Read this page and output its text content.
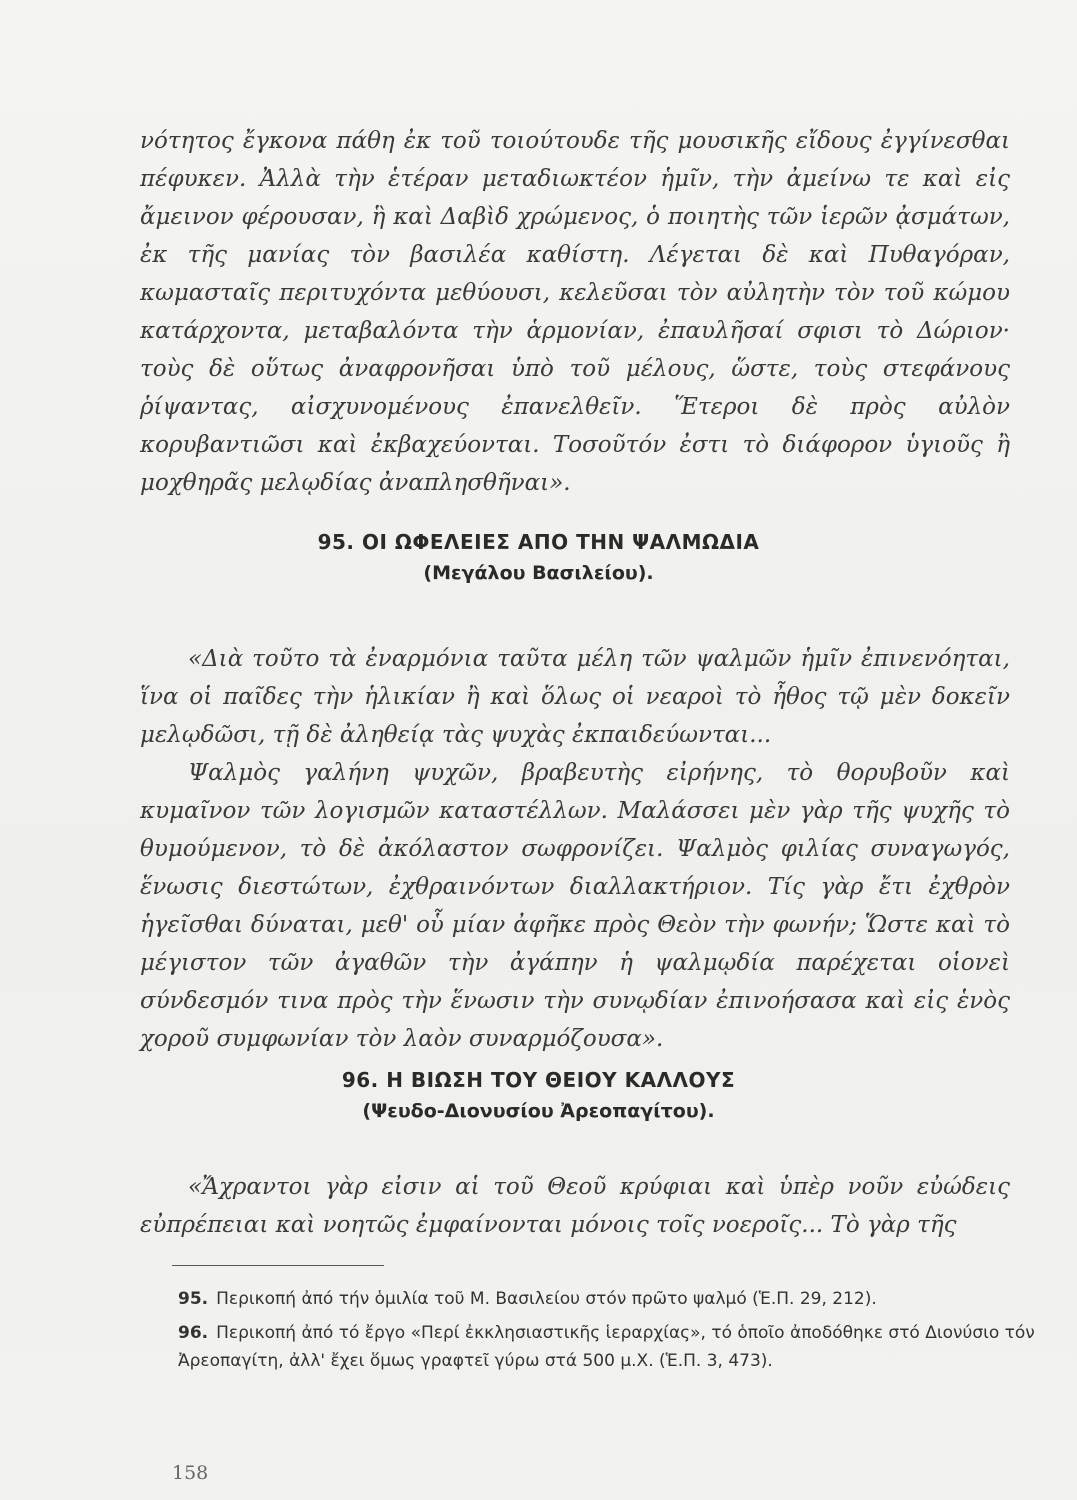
νότητος ἔγκονα πάθη ἐκ τοῦ τοιούτουδε τῆς μουσικῆς εἴδους ἐγγίνεσθαι πέφυκεν. Ἀλλὰ τὴν ἑτέραν μεταδιωκτέον ἡμῖν, τὴν ἀμείνω τε καὶ εἰς ἄμεινον φέρουσαν, ἣ καὶ Δαβὶδ χρώμενος, ὁ ποιητὴς τῶν ἱερῶν ᾀσμάτων, ἐκ τῆς μανίας τὸν βασιλέα καθίστη. Λέγεται δὲ καὶ Πυθαγόραν, κωμασταῖς περιτυχόντα μεθύουσι, κελεῦσαι τὸν αὐλητὴν τὸν τοῦ κώμου κατάρχοντα, μεταβαλόντα τὴν ἁρμονίαν, ἐπαυλῆσαί σφισι τὸ Δώριον· τοὺς δὲ οὕτως ἀναφρονῆσαι ὑπὸ τοῦ μέλους, ὥστε, τοὺς στεφάνους ῥίψαντας, αἰσχυνομένους ἐπανελθεῖν. Ἕτεροι δὲ πρὸς αὐλὸν κορυβαντιῶσι καὶ ἐκβαχεύονται. Τοσοῦτόν ἐστι τὸ διάφορον ὑγιοῦς ἢ μοχθηρᾶς μελῳδίας ἀναπλησθῆναι».

95. ΟΙ ΩΦΕΛΕΙΕΣ ΑΠΟ ΤΗΝ ΨΑΛΜΩΔΙΑ
(Μεγάλου Βασιλείου).

«Διὰ τοῦτο τὰ ἐναρμόνια ταῦτα μέλη τῶν ψαλμῶν ἡμῖν ἐπινενόηται, ἵνα οἱ παῖδες τὴν ἡλικίαν ἢ καὶ ὅλως οἱ νεαροὶ τὸ ἦθος τῷ μὲν δοκεῖν μελῳδῶσι, τῇ δὲ ἀληθείᾳ τὰς ψυχὰς ἐκπαιδεύωνται...

Ψαλμὸς γαλήνη ψυχῶν, βραβευτὴς εἰρήνης, τὸ θορυβοῦν καὶ κυμαῖνον τῶν λογισμῶν καταστέλλων. Μαλάσσει μὲν γὰρ τῆς ψυχῆς τὸ θυμούμενον, τὸ δὲ ἀκόλαστον σωφρονίζει. Ψαλμὸς φιλίας συναγωγός, ἕνωσις διεστώτων, ἐχθραινόντων διαλλακτήριον. Τίς γὰρ ἔτι ἐχθρὸν ἡγεῖσθαι δύναται, μεθ' οὗ μίαν ἀφῆκε πρὸς Θεὸν τὴν φωνήν; Ὥστε καὶ τὸ μέγιστον τῶν ἀγαθῶν τὴν ἀγάπην ἡ ψαλμῳδία παρέχεται οἱονεὶ σύνδεσμόν τινα πρὸς τὴν ἕνωσιν τὴν συνῳδίαν ἐπινοήσασα καὶ εἰς ἑνὸς χοροῦ συμφωνίαν τὸν λαὸν συναρμόζουσα».

96. Η ΒΙΩΣΗ ΤΟΥ ΘΕΙΟΥ ΚΑΛΛΟΥΣ
(Ψευδο-Διονυσίου Ἀρεοπαγίτου).

«Ἄχραντοι γὰρ εἰσιν αἱ τοῦ Θεοῦ κρύφιαι καὶ ὑπὲρ νοῦν εὐώδεις εὐπρέπειαι καὶ νοητῶς ἐμφαίνονται μόνοις τοῖς νοεροῖς... Τὸ γὰρ τῆς

95. Περικοπή ἀπό τήν ὁμιλία τοῦ Μ. Βασιλείου στόν πρῶτο ψαλμό (Ἑ.Π. 29, 212).

96. Περικοπή ἀπό τό ἔργο «Περί ἐκκλησιαστικῆς ἱεραρχίας», τό ὁποῖο ἀποδόθηκε στό Διονύσιο τόν Ἀρεοπαγίτη, ἀλλ' ἔχει ὅμως γραφτεῖ γύρω στά 500 μ.Χ. (Ἑ.Π. 3, 473).

158
